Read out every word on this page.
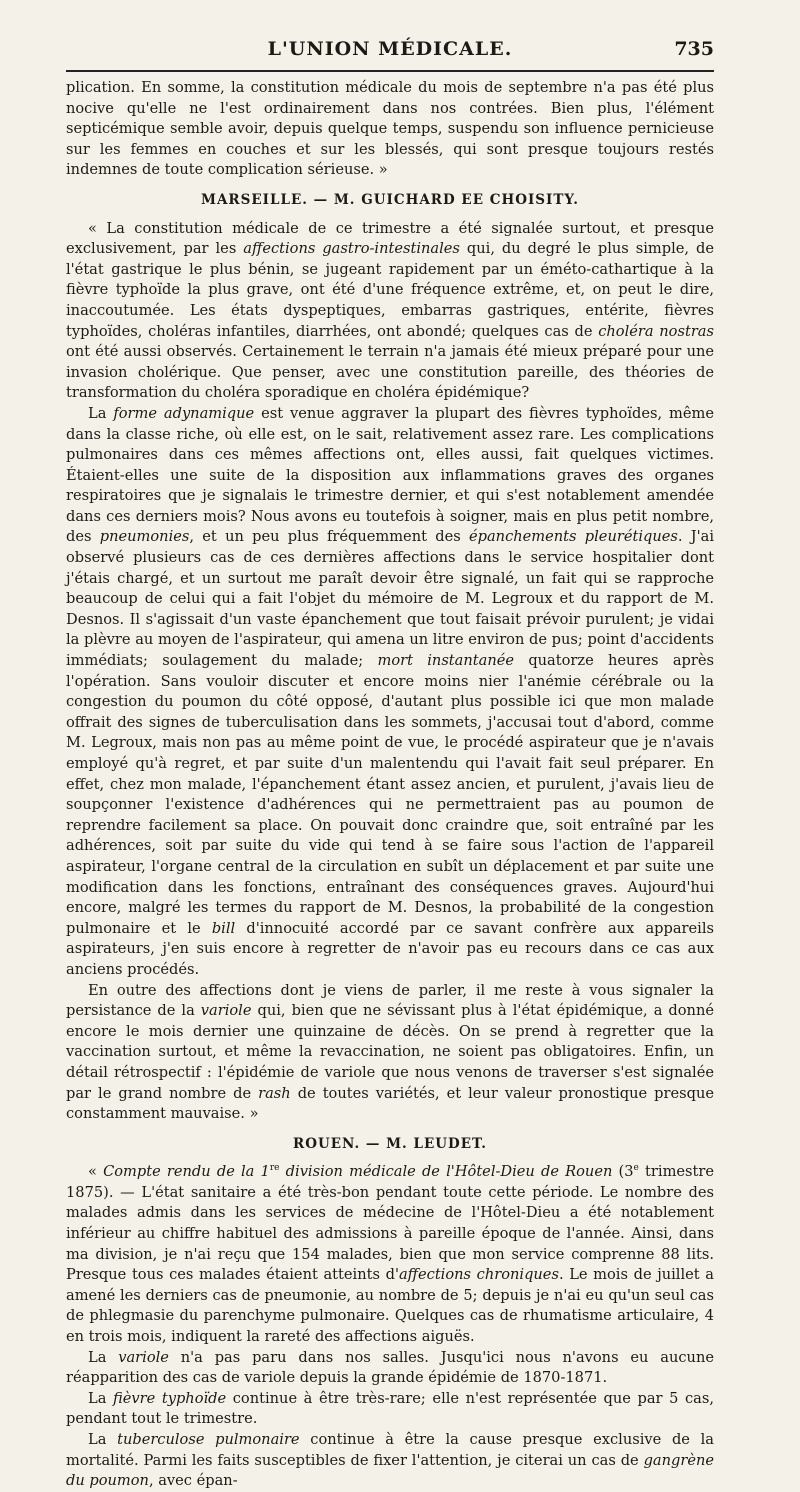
L'UNION MÉDICALE.	735

plication. En somme, la constitution médicale du mois de septembre n'a pas été plus nocive qu'elle ne l'est ordinairement dans nos contrées. Bien plus, l'élément septicémique semble avoir, depuis quelque temps, suspendu son influence pernicieuse sur les femmes en couches et sur les blessés, qui sont presque toujours restés indemnes de toute complication sérieuse. »

MARSEILLE. — M. GUICHARD EE CHOISITY.

« La constitution médicale de ce trimestre a été signalée surtout, et presque exclusivement, par les affections gastro-intestinales qui, du degré le plus simple, de l'état gastrique le plus bénin, se jugeant rapidement par un éméto-cathartique à la fièvre typhoïde la plus grave, ont été d'une fréquence extrême, et, on peut le dire, inaccoutumée. Les états dyspeptiques, embarras gastriques, entérite, fièvres typhoïdes, choléras infantiles, diarrhées, ont abondé; quelques cas de choléra nostras ont été aussi observés. Certainement le terrain n'a jamais été mieux préparé pour une invasion cholérique. Que penser, avec une constitution pareille, des théories de transformation du choléra sporadique en choléra épidémique?

La forme adynamique est venue aggraver la plupart des fièvres typhoïdes, même dans la classe riche, où elle est, on le sait, relativement assez rare. Les complications pulmonaires dans ces mêmes affections ont, elles aussi, fait quelques victimes. Étaient-elles une suite de la disposition aux inflammations graves des organes respiratoires que je signalais le trimestre dernier, et qui s'est notablement amendée dans ces derniers mois? Nous avons eu toutefois à soigner, mais en plus petit nombre, des pneumonies, et un peu plus fréquemment des épanchements pleurétiques. J'ai observé plusieurs cas de ces dernières affections dans le service hospitalier dont j'étais chargé, et un surtout me paraît devoir être signalé, un fait qui se rapproche beaucoup de celui qui a fait l'objet du mémoire de M. Legroux et du rapport de M. Desnos. Il s'agissait d'un vaste épanchement que tout faisait prévoir purulent; je vidai la plèvre au moyen de l'aspirateur, qui amena un litre environ de pus; point d'accidents immédiats; soulagement du malade; mort instantanée quatorze heures après l'opération. Sans vouloir discuter et encore moins nier l'anémie cérébrale ou la congestion du poumon du côté opposé, d'autant plus possible ici que mon malade offrait des signes de tuberculisation dans les sommets, j'accusai tout d'abord, comme M. Legroux, mais non pas au même point de vue, le procédé aspirateur que je n'avais employé qu'à regret, et par suite d'un malentendu qui l'avait fait seul préparer. En effet, chez mon malade, l'épanchement étant assez ancien, et purulent, j'avais lieu de soupçonner l'existence d'adhérences qui ne permettraient pas au poumon de reprendre facilement sa place. On pouvait donc craindre que, soit entraîné par les adhérences, soit par suite du vide qui tend à se faire sous l'action de l'appareil aspirateur, l'organe central de la circulation en subît un déplacement et par suite une modification dans les fonctions, entraînant des conséquences graves. Aujourd'hui encore, malgré les termes du rapport de M. Desnos, la probabilité de la congestion pulmonaire et le bill d'innocuité accordé par ce savant confrère aux appareils aspirateurs, j'en suis encore à regretter de n'avoir pas eu recours dans ce cas aux anciens procédés.

En outre des affections dont je viens de parler, il me reste à vous signaler la persistance de la variole qui, bien que ne sévissant plus à l'état épidémique, a donné encore le mois dernier une quinzaine de décès. On se prend à regretter que la vaccination surtout, et même la revaccination, ne soient pas obligatoires. Enfin, un détail rétrospectif : l'épidémie de variole que nous venons de traverser s'est signalée par le grand nombre de rash de toutes variétés, et leur valeur pronostique presque constamment mauvaise. »

ROUEN. — M. LEUDET.

« Compte rendu de la 1re division médicale de l'Hôtel-Dieu de Rouen (3e trimestre 1875). — L'état sanitaire a été très-bon pendant toute cette période. Le nombre des malades admis dans les services de médecine de l'Hôtel-Dieu a été notablement inférieur au chiffre habituel des admissions à pareille époque de l'année. Ainsi, dans ma division, je n'ai reçu que 154 malades, bien que mon service comprenne 88 lits. Presque tous ces malades étaient atteints d'affections chroniques. Le mois de juillet a amené les derniers cas de pneumonie, au nombre de 5; depuis je n'ai eu qu'un seul cas de phlegmasie du parenchyme pulmonaire. Quelques cas de rhumatisme articulaire, 4 en trois mois, indiquent la rareté des affections aiguës.

La variole n'a pas paru dans nos salles. Jusqu'ici nous n'avons eu aucune réapparition des cas de variole depuis la grande épidémie de 1870-1871.

La fièvre typhoïde continue à être très-rare; elle n'est représentée que par 5 cas, pendant tout le trimestre.

La tuberculose pulmonaire continue à être la cause presque exclusive de la mortalité. Parmi les faits susceptibles de fixer l'attention, je citerai un cas de gangrène du poumon, avec épan-
